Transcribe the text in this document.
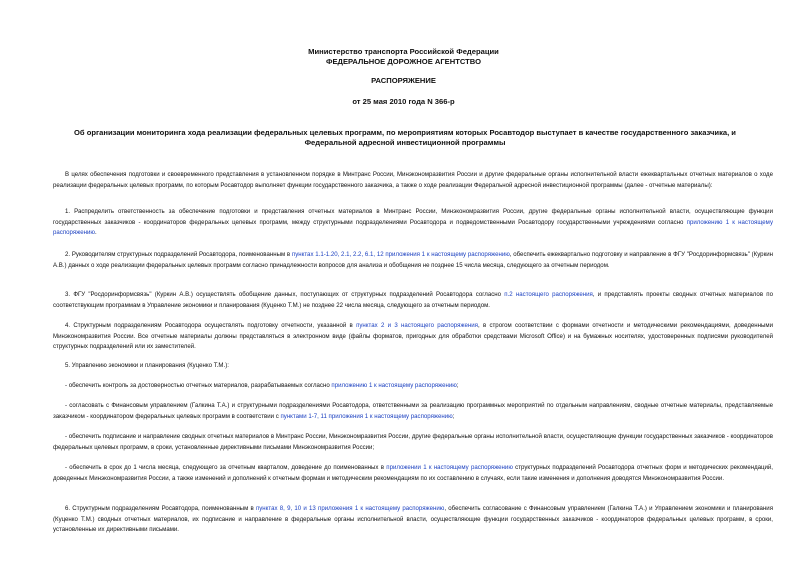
Министерство транспорта Российской Федерации
ФЕДЕРАЛЬНОЕ ДОРОЖНОЕ АГЕНТСТВО
РАСПОРЯЖЕНИЕ
от 25 мая 2010 года N 366-р
Об организации мониторинга хода реализации федеральных целевых программ, по мероприятиям которых Росавтодор выступает в качестве государственного заказчика, и Федеральной адресной инвестиционной программы
В целях обеспечения подготовки и своевременного представления в установленном порядке в Минтранс России, Минэкономразвития России и другие федеральные органы исполнительной власти ежеквартальных отчетных материалов о ходе реализации федеральных целевых программ, по которым Росавтодор выполняет функции государственного заказчика, а также о ходе реализации Федеральной адресной инвестиционной программы (далее - отчетные материалы):
1. Распределить ответственность за обеспечение подготовки и представления отчетных материалов в Минтранс России, Минэкономразвития России, другие федеральные органы исполнительной власти, осуществляющие функции государственных заказчиков - координаторов федеральных целевых программ, между структурными подразделениями Росавтодора и подведомственными Росавтодору государственными учреждениями согласно приложению 1 к настоящему распоряжению.
2. Руководителям структурных подразделений Росавтодора, поименованным в пунктах 1.1-1.20, 2.1, 2.2, 6.1, 12 приложения 1 к настоящему распоряжению, обеспечить ежеквартально подготовку и направление в ФГУ "Росдоринформсвязь" (Куркин А.В.) данных о ходе реализации федеральных целевых программ согласно принадлежности вопросов для анализа и обобщения не позднее 15 числа месяца, следующего за отчетным периодом.
3. ФГУ "Росдоринформсвязь" (Куркин А.В.) осуществлять обобщение данных, поступающих от структурных подразделений Росавтодора согласно п.2 настоящего распоряжения, и представлять проекты сводных отчетных материалов по соответствующим программам в Управление экономики и планирования (Куценко Т.М.) не позднее 22 числа месяца, следующего за отчетным периодом.
4. Структурным подразделениям Росавтодора осуществлять подготовку отчетности, указанной в пунктах 2 и 3 настоящего распоряжения, в строгом соответствии с формами отчетности и методическими рекомендациями, доведенными Минэкономразвития России. Все отчетные материалы должны представляться в электронном виде (файлы форматов, пригодных для обработки средствами Microsoft Office) и на бумажных носителях, удостоверенных подписями руководителей структурных подразделений или их заместителей.
5. Управлению экономики и планирования (Куценко Т.М.):
- обеспечить контроль за достоверностью отчетных материалов, разрабатываемых согласно приложению 1 к настоящему распоряжению;
- согласовать с Финансовым управлением (Галкина Т.А.) и структурными подразделениями Росавтодора, ответственными за реализацию программных мероприятий по отдельным направлениям, сводные отчетные материалы, представляемые заказчиком - координатором федеральных целевых программ в соответствии с пунктами 1-7, 11 приложения 1 к настоящему распоряжению;
- обеспечить подписание и направление сводных отчетных материалов в Минтранс России, Минэкономразвития России, другие федеральные органы исполнительной власти, осуществляющие функции государственных заказчиков - координаторов федеральных целевых программ, в сроки, установленные директивными письмами Минэкономразвития России;
- обеспечить в срок до 1 числа месяца, следующего за отчетным кварталом, доведение до поименованных в приложении 1 к настоящему распоряжению структурных подразделений Росавтодора отчетных форм и методических рекомендаций, доведенных Минэкономразвития России, а также изменений и дополнений к отчетным формам и методическим рекомендациям по их составлению в случаях, если такие изменения и дополнения доводятся Минэкономразвития России.
6. Структурным подразделениям Росавтодора, поименованным в пунктах 8, 9, 10 и 13 приложения 1 к настоящему распоряжению, обеспечить согласование с Финансовым управлением (Галкина Т.А.) и Управлением экономики и планирования (Куценко Т.М.) сводных отчетных материалов, их подписание и направление в федеральные органы исполнительной власти, осуществляющие функции государственных заказчиков - координаторов федеральных целевых программ, в сроки, установленные их директивными письмами.
